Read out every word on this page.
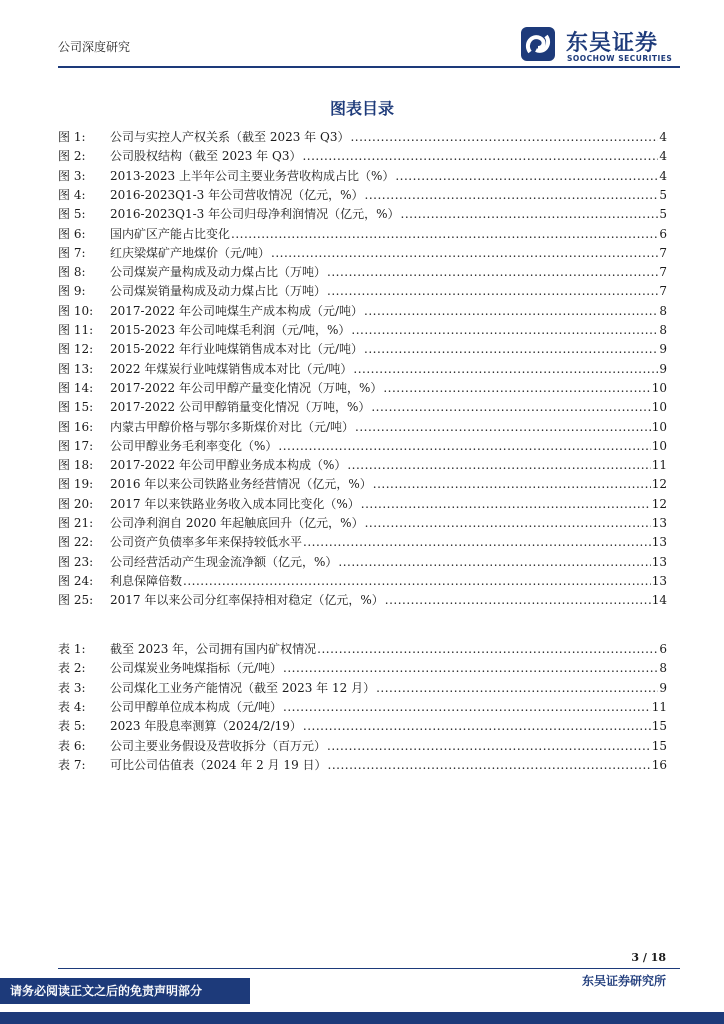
公司深度研究	东吴证券
SOOCHOW SECURITIES
图表目录
图 1:	公司与实控人产权关系（截至 2023 年 Q3） .....	4
图 2:	公司股权结构（截至 2023 年 Q3） .....	4
图 3:	2013-2023 上半年公司主要业务营收构成占比（%） .....	4
图 4:	2016-2023Q1-3 年公司营收情况（亿元，%） .....	5
图 5:	2016-2023Q1-3 年公司归母净利润情况（亿元，%） .....	5
图 6:	国内矿区产能占比变化 .....	6
图 7:	红庆梁煤矿产地煤价（元/吨） .....	7
图 8:	公司煤炭产量构成及动力煤占比（万吨） .....	7
图 9:	公司煤炭销量构成及动力煤占比（万吨） .....	7
图 10:	2017-2022 年公司吨煤生产成本构成（元/吨） .....	8
图 11:	2015-2023 年公司吨煤毛利润（元/吨，%） .....	8
图 12:	2015-2022 年行业吨煤销售成本对比（元/吨） .....	9
图 13:	2022 年煤炭行业吨煤销售成本对比（元/吨） .....	9
图 14:	2017-2022 年公司甲醇产量变化情况（万吨，%） .....	10
图 15:	2017-2022 公司甲醇销量变化情况（万吨，%） .....	10
图 16:	内蒙古甲醇价格与鄂尔多斯煤价对比（元/吨） .....	10
图 17:	公司甲醇业务毛利率变化（%） .....	10
图 18:	2017-2022 年公司甲醇业务成本构成（%） .....	11
图 19:	2016 年以来公司铁路业务经营情况（亿元，%） .....	12
图 20:	2017 年以来铁路业务收入成本同比变化（%） .....	12
图 21:	公司净利润自 2020 年起触底回升（亿元，%） .....	13
图 22:	公司资产负债率多年来保持较低水平 .....	13
图 23:	公司经营活动产生现金流净额（亿元，%） .....	13
图 24:	利息保障倍数 .....	13
图 25:	2017 年以来公司分红率保持相对稳定（亿元，%） .....	14
表 1:	截至 2023 年，公司拥有国内矿权情况 .....	6
表 2:	公司煤炭业务吨煤指标（元/吨） .....	8
表 3:	公司煤化工业务产能情况（截至 2023 年 12 月） .....	9
表 4:	公司甲醇单位成本构成（元/吨） .....	11
表 5:	2023 年股息率测算（2024/2/19） .....	15
表 6:	公司主要业务假设及营收拆分（百万元） .....	15
表 7:	可比公司估值表（2024 年 2 月 19 日） .....	16
3 / 18
东吴证券研究所
请务必阅读正文之后的免责声明部分
